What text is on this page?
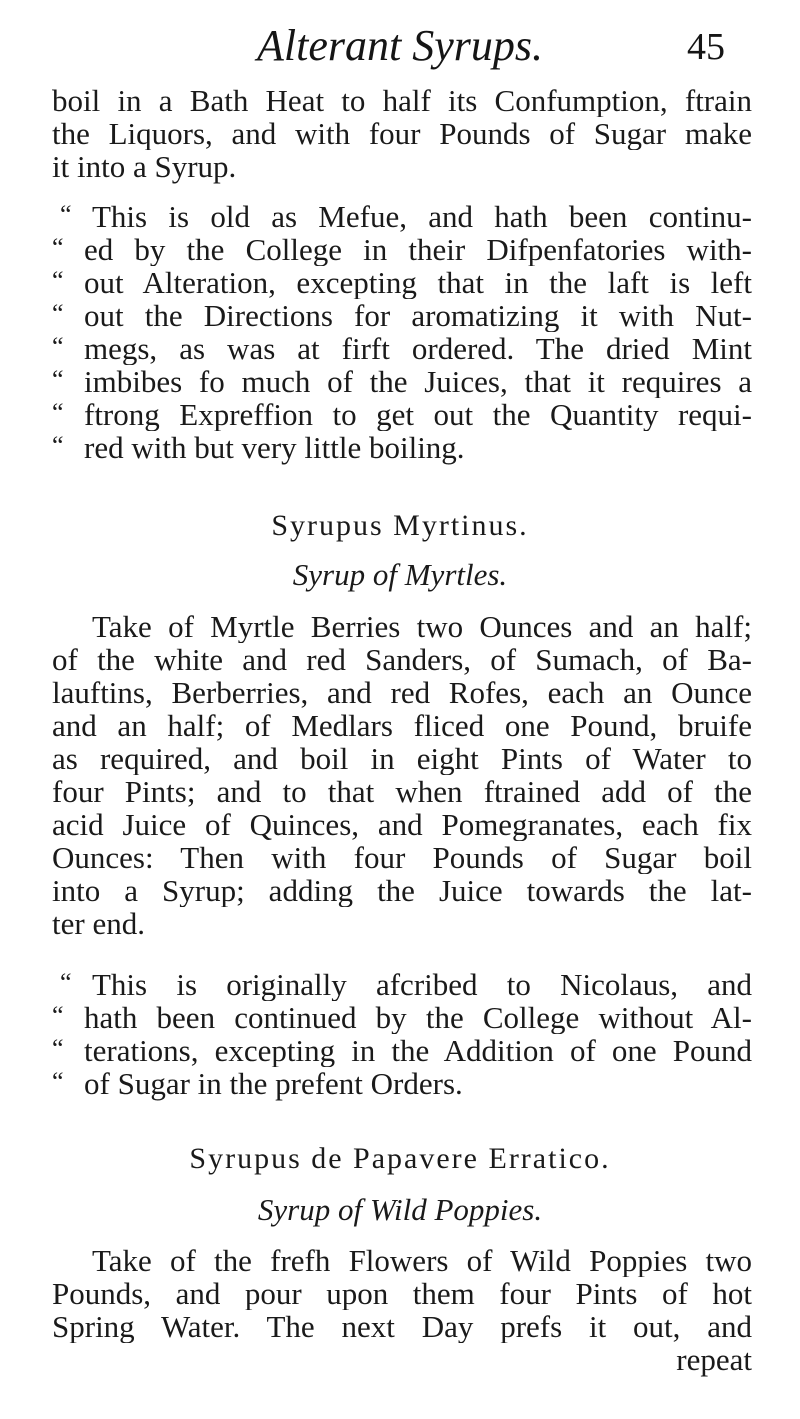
Alterant Syrups.	45
boil in a Bath Heat to half its Confumption, ftrain
the Liquors, and with four Pounds of Sugar make
it into a Syrup.
“ This is old as Mefue, and hath been continu-
“ ed by the College in their Difpenfatories with-
“ out Alteration, excepting that in the laft is left
“ out the Directions for aromatizing it with Nut-
“ megs, as was at firft ordered. The dried Mint
“ imbibes fo much of the Juices, that it requires a
“ ftrong Expreffion to get out the Quantity requi-
“ red with but very little boiling.
Syrupus Myrtinus.
Syrup of Myrtles.
Take of Myrtle Berries two Ounces and an half;
of the white and red Sanders, of Sumach, of Ba-
lauftins, Berberries, and red Rofes, each an Ounce
and an half; of Medlars fliced one Pound, bruife
as required, and boil in eight Pints of Water to
four Pints; and to that when ftrained add of the
acid Juice of Quinces, and Pomegranates, each fix
Ounces: Then with four Pounds of Sugar boil
into a Syrup; adding the Juice towards the lat-
ter end.
“ This is originally afcribed to Nicolaus, and
“ hath been continued by the College without Al-
“ terations, excepting in the Addition of one Pound
“ of Sugar in the prefent Orders.
Syrupus de Papavere Erratico.
Syrup of Wild Poppies.
Take of the frefh Flowers of Wild Poppies two
Pounds, and pour upon them four Pints of hot
Spring Water. The next Day prefs it out, and
repeat
